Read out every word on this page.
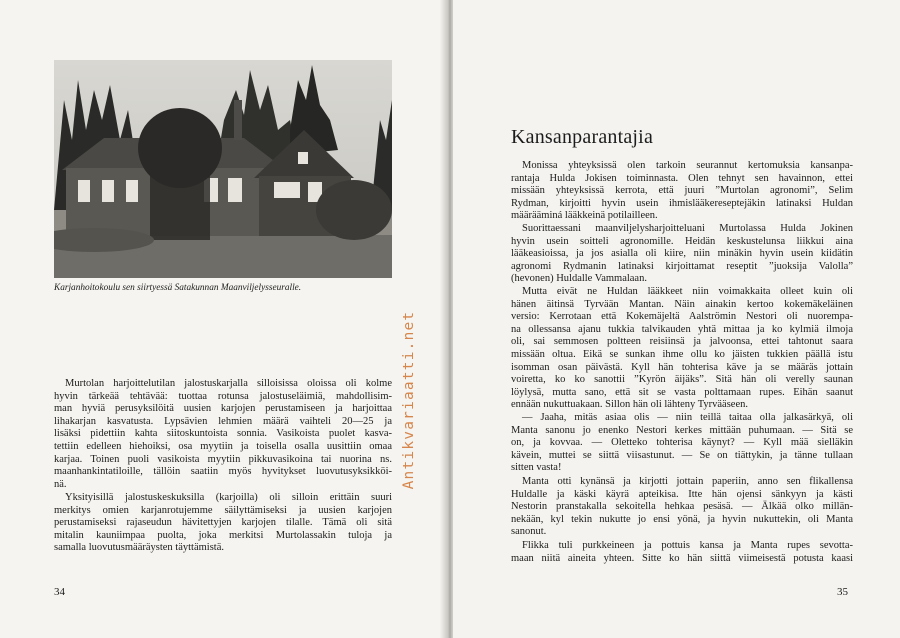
Karjanhoitokoulu sen siirtyessä Satakunnan Maanviljelysseuralle.
Murtolan harjoittelutilan jalostuskarjalla silloisissa oloissa oli kolme
hyvin tärkeää tehtävää: tuottaa rotunsa jalostuseläimiä, mahdollisim-
man hyviä perusyksilöitä uusien karjojen perustamiseen ja harjoittaa
lihakarjan kasvatusta. Lypsävien lehmien määrä vaihteli 20—25 ja
lisäksi pidettiin kahta siitoskuntoista sonnia. Vasikoista puolet kasva-
tettiin edelleen hiehoiksi, osa myytiin ja toisella osalla uusittiin omaa
karjaa. Toinen puoli vasikoista myytiin pikkuvasikoina tai nuorina ns.
maanhankintatiloille, tällöin saatiin myös hyvitykset luovutusyksikköi-
nä.
Yksityisillä jalostuskeskuksilla (karjoilla) oli silloin erittäin suuri
merkitys omien karjanrotujemme säilyttämiseksi ja uusien karjojen
perustamiseksi rajaseudun hävitettyjen karjojen tilalle. Tämä oli sitä
mitalin kauniimpaa puolta, joka merkitsi Murtolassakin tuloja ja
samalla luovutusmääräysten täyttämistä.
34	35
Kansanparantajia
Monissa yhteyksissä olen tarkoin seurannut kertomuksia kansanpa-
rantaja Hulda Jokisen toiminnasta. Olen tehnyt sen havainnon, ettei
missään yhteyksissä kerrota, että juuri ”Murtolan agronomi”, Selim
Rydman, kirjoitti hyvin usein ihmislääkereseptejäkin latinaksi Huldan
määrääminá lääkkeinä potilailleen.
Suorittaessani maanviljelysharjoitteluani Murtolassa Hulda Jokinen
hyvin usein soitteli agronomille. Heidän keskustelunsa liikkui aina
lääkeasioissa, ja jos asialla oli kiire, niin minäkin hyvin usein kiidätin
agronomi Rydmanin latinaksi kirjoittamat reseptit ”juoksija Valolla”
(hevonen) Huldalle Vammalaan.
Mutta eivät ne Huldan lääkkeet niin voimakkaita olleet kuin oli
hänen äitinsä Tyrvään Mantan. Näin ainakin kertoo kokemäkeläinen
versio: Kerrotaan että Kokemäjeltä Aalströmin Nestori oli nuorempa-
na ollessansa ajanu tukkia talvikauden yhtä mittaa ja ko kylmiä ilmoja
oli, sai semmosen poltteen reisiinsä ja jalvoonsa, ettei tahtonut saara
missään oltua. Eikä se sunkan ihme ollu ko jäisten tukkien päällä istu
isomman osan päivästä. Kyll hän tohterisa käve ja se määräs jottain
voiretta, ko ko sanottii ”Kyrön äijäks”. Sitä hän oli verelly saunan
löylysä, mutta sano, että sit se vasta polttamaan rupes. Eihän saanut
ennään nukuttuakaan. Sillon hän oli lähteny Tyrvääseen.
— Jaaha, mitäs asiaa olis — niin teillä taitaa olla jalkasärkyä, oli
Manta sanonu jo enenko Nestori kerkes mittään puhumaan. — Sitä se
on, ja kovvaa. — Oletteko tohterisa käynyt? — Kyll mää sielläkin
kävein, muttei se siittä viisastunut. — Se on tiättykin, ja tänne tullaan
sitten vasta!
Manta otti kynänsä ja kirjotti jottain paperiin, anno sen flikallensa
Huldalle ja käski käyrä apteikisa. Itte hän ojensi sänkyyn ja kästi
Nestorin pranstakalla sekoitella hehkaa pesäsä. — Älkää olko millän-
nekään, kyl tekin nukutte jo ensi yönä, ja hyvin nukuttekin, oli Manta
sanonut.
Flikka tuli purkkeineen ja pottuis kansa ja Manta rupes sevotta-
maan niitä aineita yhteen. Sitte ko hän siittä viimeisestä potusta kaasi
Antikvariaatti.net
